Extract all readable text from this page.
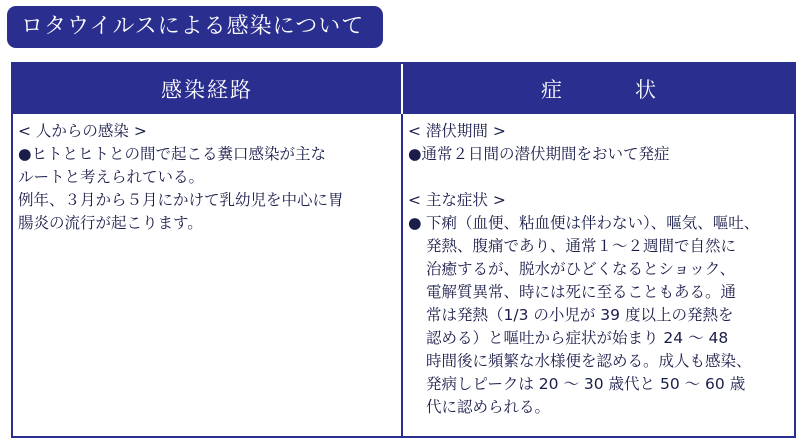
ロタウイルスによる感染について
感染経路	症　状
< 人からの感染 >
●ヒトとヒトとの間で起こる糞口感染が主な
ルートと考えられている。
例年、３月から５月にかけて乳幼児を中心に胃
腸炎の流行が起こります。
< 潜伏期間 >
●通常２日間の潜伏期間をおいて発症
< 主な症状 >
● 下痢（血便、粘血便は伴わない）、嘔気、嘔吐、
発熱、腹痛であり、通常１～２週間で自然に
治癒するが、脱水がひどくなるとショック、
電解質異常、時には死に至ることもある。通
常は発熱（1/3 の小児が 39 度以上の発熱を
認める）と嘔吐から症状が始まり 24 ～ 48
時間後に頻繁な水様便を認める。成人も感染、
発病しピークは 20 ～ 30 歳代と 50 ～ 60 歳
代に認められる。
